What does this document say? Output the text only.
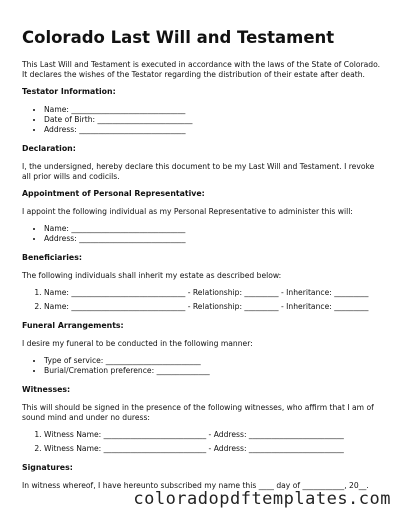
Colorado Last Will and Testament

This Last Will and Testament is executed in accordance with the laws of the State of Colorado. It declares the wishes of the Testator regarding the distribution of their estate after death.

Testator Information:
• Name: ______________________________
• Date of Birth: _________________________
• Address: ____________________________
Declaration:

I, the undersigned, hereby declare this document to be my Last Will and Testament. I revoke all prior wills and codicils.

Appointment of Personal Representative:

I appoint the following individual as my Personal Representative to administer this will:

• Name: ______________________________
• Address: ____________________________
Beneficiaries:

The following individuals shall inherit my estate as described below:

1. Name: ______________________________ - Relationship: _________ - Inheritance: _________
2. Name: ______________________________ - Relationship: _________ - Inheritance: _________
Funeral Arrangements:

I desire my funeral to be conducted in the following manner:

• Type of service: _________________________
• Burial/Cremation preference: ______________
Witnesses:

This will should be signed in the presence of the following witnesses, who affirm that I am of sound mind and under no duress:

1. Witness Name: ___________________________ - Address: _________________________
2. Witness Name: ___________________________ - Address: _________________________
Signatures:

In witness whereof, I have hereunto subscribed my name this ____ day of ___________, 20__.

coloradopdftemplates.com
